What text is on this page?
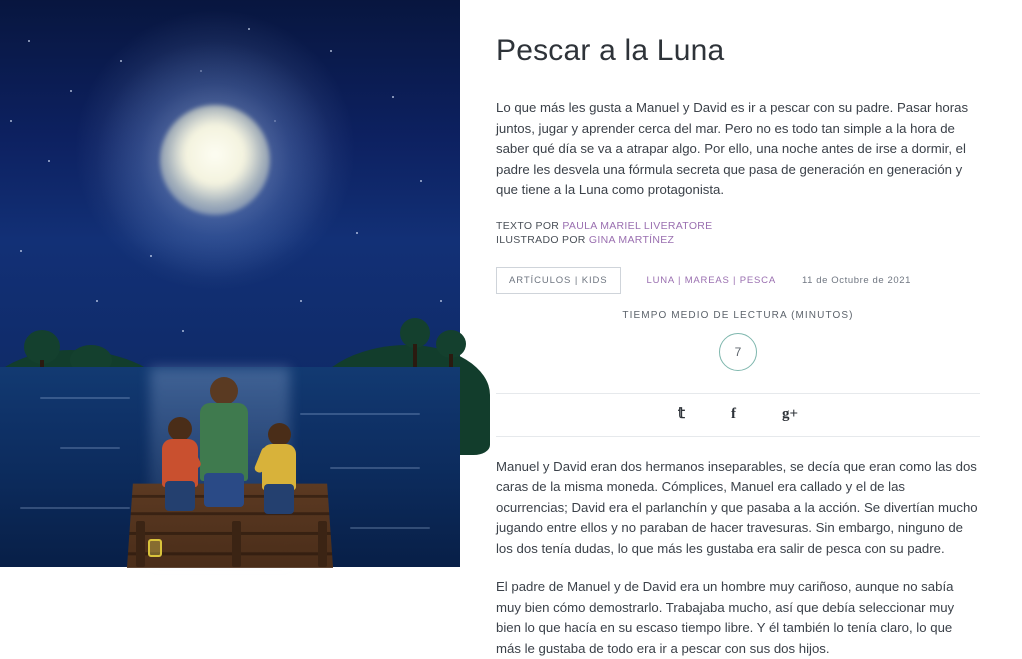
Pescar a la Luna

Lo que más les gusta a Manuel y David es ir a pescar con su padre. Pasar horas juntos, jugar y aprender cerca del mar. Pero no es todo tan simple a la hora de saber qué día se va a atrapar algo. Por ello, una noche antes de irse a dormir, el padre les desvela una fórmula secreta que pasa de generación en generación y que tiene a la Luna como protagonista.

TEXTO POR PAULA MARIEL LIVERATORE
ILUSTRADO POR GINA MARTÍNEZ
ARTÍCULOS | KIDS	LUNA | MAREAS | PESCA	11 de Octubre de 2021
TIEMPO MEDIO DE LECTURA (MINUTOS)
7
𝕥	f	g+

Manuel y David eran dos hermanos inseparables, se decía que eran como las dos caras de la misma moneda. Cómplices, Manuel era callado y el de las ocurrencias; David era el parlanchín y que pasaba a la acción. Se divertían mucho jugando entre ellos y no paraban de hacer travesuras. Sin embargo, ninguno de los dos tenía dudas, lo que más les gustaba era salir de pesca con su padre.

El padre de Manuel y de David era un hombre muy cariñoso, aunque no sabía muy bien cómo demostrarlo. Trabajaba mucho, así que debía seleccionar muy bien lo que hacía en su escaso tiempo libre. Y él también lo tenía claro, lo que más le gustaba de todo era ir a pescar con sus dos hijos.
